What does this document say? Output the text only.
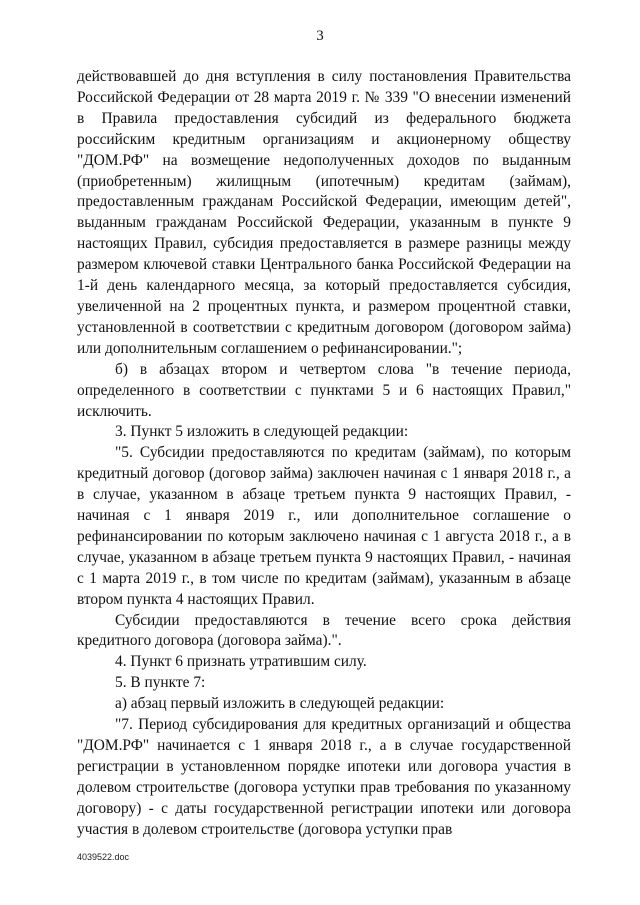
3

действовавшей до дня вступления в силу постановления Правительства Российской Федерации от 28 марта 2019 г. № 339 "О внесении изменений в Правила предоставления субсидий из федерального бюджета российским кредитным организациям и акционерному обществу "ДОМ.РФ" на возмещение недополученных доходов по выданным (приобретенным) жилищным (ипотечным) кредитам (займам), предоставленным гражданам Российской Федерации, имеющим детей", выданным гражданам Российской Федерации, указанным в пункте 9 настоящих Правил, субсидия предоставляется в размере разницы между размером ключевой ставки Центрального банка Российской Федерации на 1-й день календарного месяца, за который предоставляется субсидия, увеличенной на 2 процентных пункта, и размером процентной ставки, установленной в соответствии с кредитным договором (договором займа) или дополнительным соглашением о рефинансировании.";

б) в абзацах втором и четвертом слова "в течение периода, определенного в соответствии с пунктами 5 и 6 настоящих Правил," исключить.

3. Пункт 5 изложить в следующей редакции:

"5. Субсидии предоставляются по кредитам (займам), по которым кредитный договор (договор займа) заключен начиная с 1 января 2018 г., а в случае, указанном в абзаце третьем пункта 9 настоящих Правил, - начиная с 1 января 2019 г., или дополнительное соглашение о рефинансировании по которым заключено начиная с 1 августа 2018 г., а в случае, указанном в абзаце третьем пункта 9 настоящих Правил, - начиная с 1 марта 2019 г., в том числе по кредитам (займам), указанным в абзаце втором пункта 4 настоящих Правил.

Субсидии предоставляются в течение всего срока действия кредитного договора (договора займа).".

4. Пункт 6 признать утратившим силу.

5. В пункте 7:

а) абзац первый изложить в следующей редакции:

"7. Период субсидирования для кредитных организаций и общества "ДОМ.РФ" начинается с 1 января 2018 г., а в случае государственной регистрации в установленном порядке ипотеки или договора участия в долевом строительстве (договора уступки прав требования по указанному договору) - с даты государственной регистрации ипотеки или договора участия в долевом строительстве (договора уступки прав

4039522.doc
